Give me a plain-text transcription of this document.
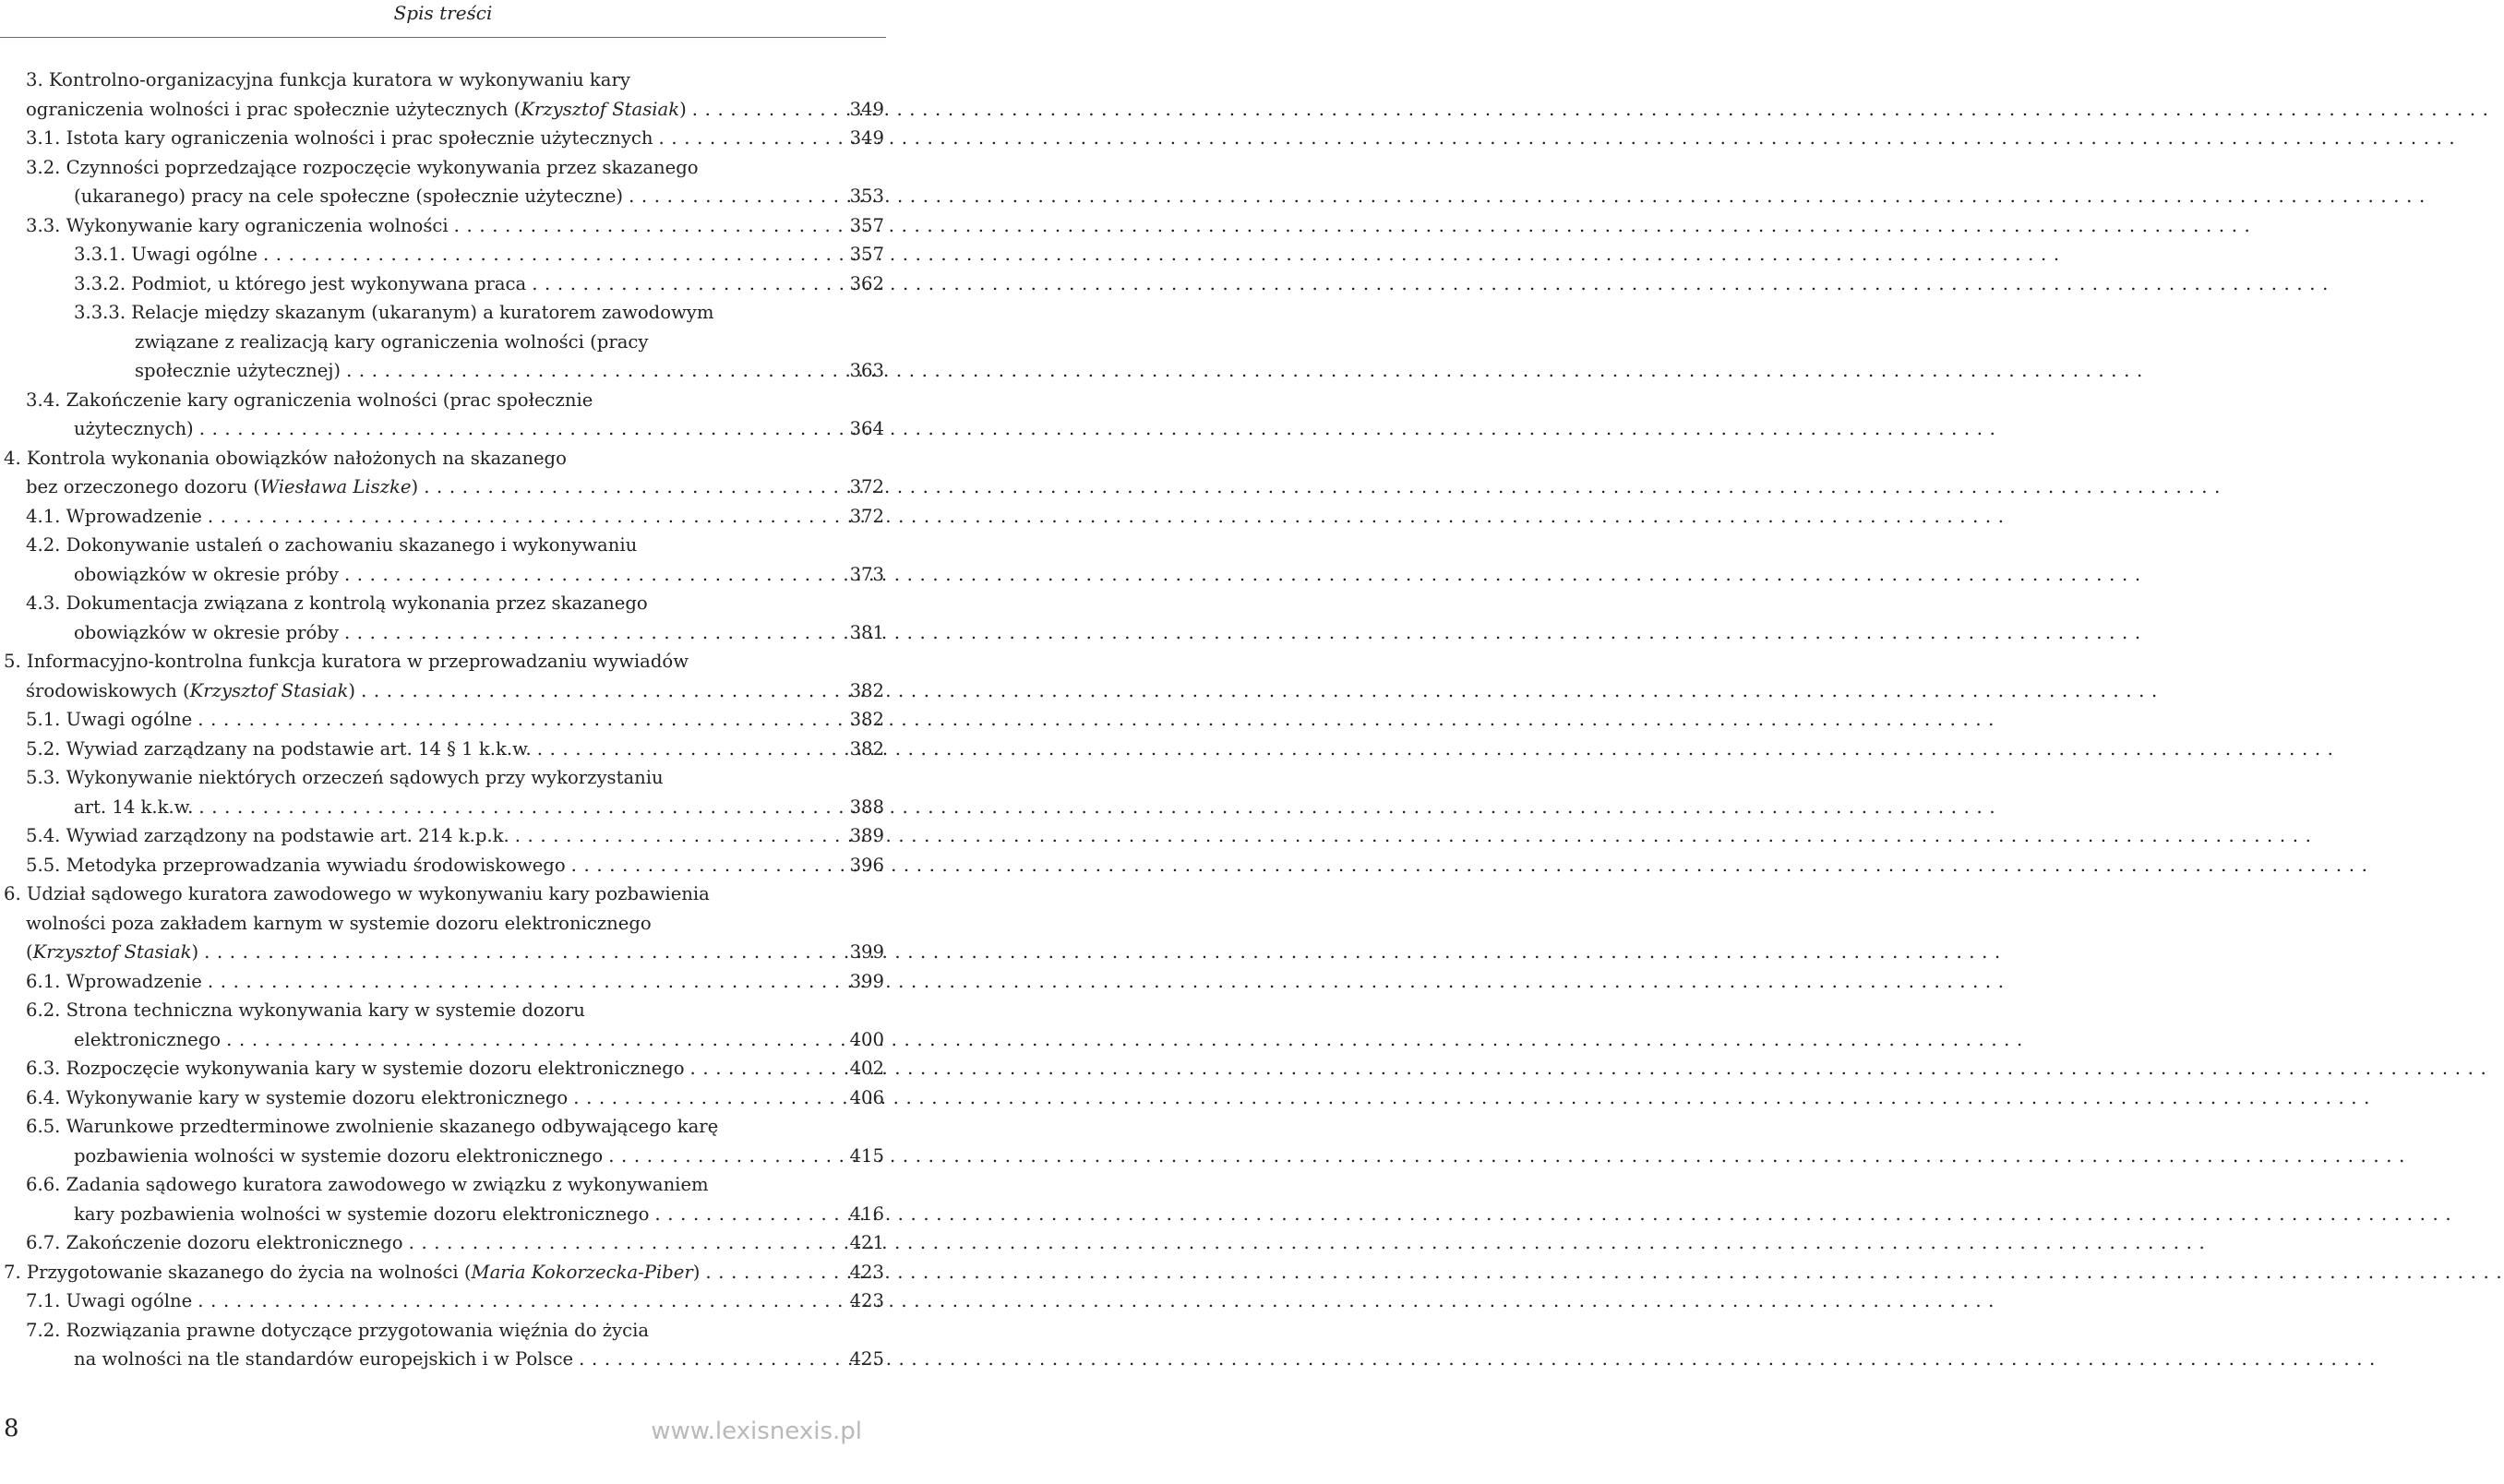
Spis treści
3. Kontrolno-organizacyjna funkcja kuratora w wykonywaniu kary
ograniczenia wolności i prac społecznie użytecznych (Krzysztof Stasiak) . . .	349
3.1. Istota kary ograniczenia wolności i prac społecznie użytecznych . . .	349
3.2. Czynności poprzedzające rozpoczęcie wykonywania przez skazanego
(ukaranego) pracy na cele społeczne (społecznie użyteczne) . . .	353
3.3. Wykonywanie kary ograniczenia wolności . . .	357
3.3.1. Uwagi ogólne . . .	357
3.3.2. Podmiot, u którego jest wykonywana praca . . .	362
3.3.3. Relacje między skazanym (ukaranym) a kuratorem zawodowym
związane z realizacją kary ograniczenia wolności (pracy
społecznie użytecznej) . . .	363
3.4. Zakończenie kary ograniczenia wolności (prac społecznie
użytecznych) . . .	364
4. Kontrola wykonania obowiązków nałożonych na skazanego
bez orzeczonego dozoru (Wiesława Liszke) . . .	372
4.1. Wprowadzenie . . .	372
4.2. Dokonywanie ustaleń o zachowaniu skazanego i wykonywaniu
obowiązków w okresie próby . . .	373
4.3. Dokumentacja związana z kontrolą wykonania przez skazanego
obowiązków w okresie próby . . .	381
5. Informacyjno-kontrolna funkcja kuratora w przeprowadzaniu wywiadów
środowiskowych (Krzysztof Stasiak) . . .	382
5.1. Uwagi ogólne . . .	382
5.2. Wywiad zarządzany na podstawie art. 14 § 1 k.k.w. . . .	382
5.3. Wykonywanie niektórych orzeczeń sądowych przy wykorzystaniu
art. 14 k.k.w. . . .	388
5.4. Wywiad zarządzony na podstawie art. 214 k.p.k. . . .	389
5.5. Metodyka przeprowadzania wywiadu środowiskowego . . .	396
6. Udział sądowego kuratora zawodowego w wykonywaniu kary pozbawienia
wolności poza zakładem karnym w systemie dozoru elektronicznego
(Krzysztof Stasiak) . . .	399
6.1. Wprowadzenie . . .	399
6.2. Strona techniczna wykonywania kary w systemie dozoru
elektronicznego . . .	400
6.3. Rozpoczęcie wykonywania kary w systemie dozoru elektronicznego . . .	402
6.4. Wykonywanie kary w systemie dozoru elektronicznego . . .	406
6.5. Warunkowe przedterminowe zwolnienie skazanego odbywającego karę
pozbawienia wolności w systemie dozoru elektronicznego . . .	415
6.6. Zadania sądowego kuratora zawodowego w związku z wykonywaniem
kary pozbawienia wolności w systemie dozoru elektronicznego . . .	416
6.7. Zakończenie dozoru elektronicznego . . .	421
7. Przygotowanie skazanego do życia na wolności (Maria Kokorzecka-Piber) . . .	423
7.1. Uwagi ogólne . . .	423
7.2. Rozwiązania prawne dotyczące przygotowania więźnia do życia
na wolności na tle standardów europejskich i w Polsce . . .	425
8	www.lexisnexis.pl
